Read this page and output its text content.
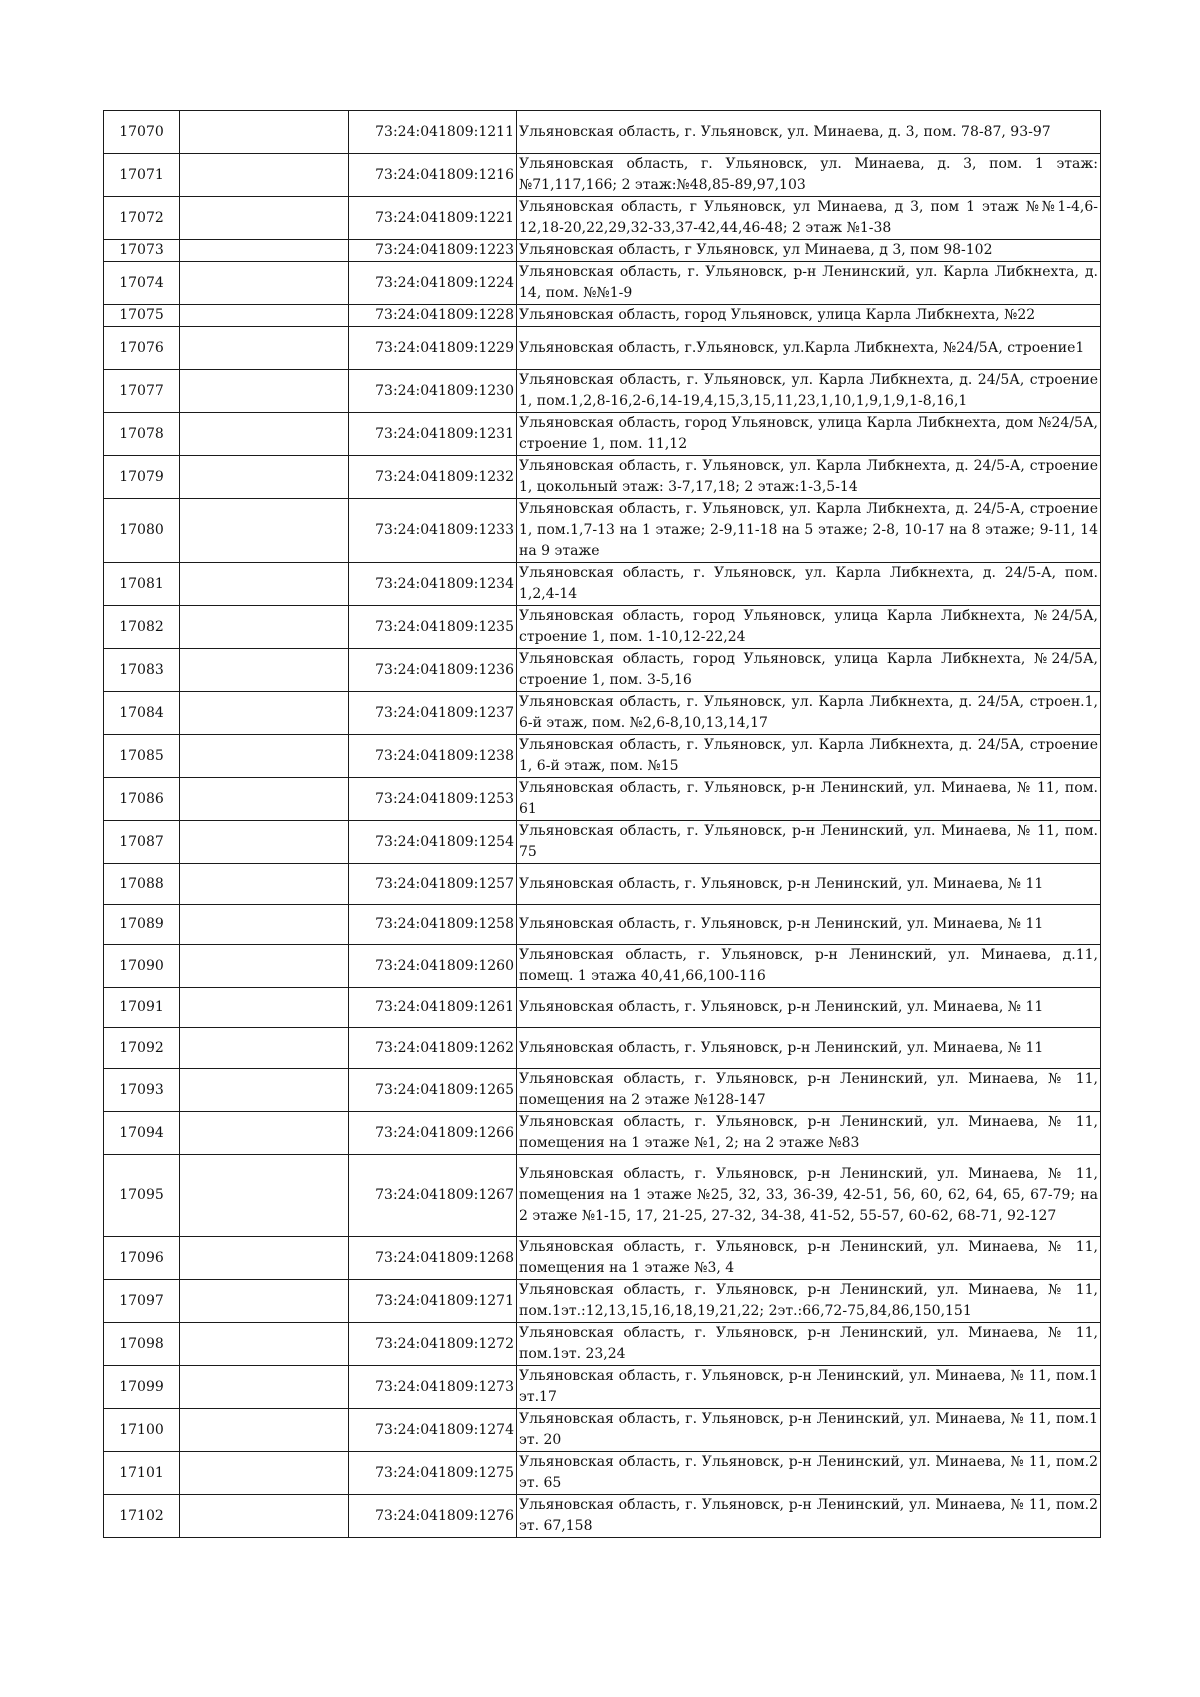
17070		73:24:041809:1211	Ульяновская область, г. Ульяновск, ул. Минаева, д. 3, пом. 78-87, 93-97
17071		73:24:041809:1216	Ульяновская область, г. Ульяновск, ул. Минаева, д. 3, пом. 1 этаж:№71,117,166; 2 этаж:№48,85-89,97,103
17072		73:24:041809:1221	Ульяновская область, г Ульяновск, ул Минаева, д 3, пом 1 этаж №№1-4,6-12,18-20,22,29,32-33,37-42,44,46-48; 2 этаж №1-38
17073		73:24:041809:1223	Ульяновская область, г Ульяновск, ул Минаева, д 3, пом 98-102
17074		73:24:041809:1224	Ульяновская область, г. Ульяновск, р-н Ленинский, ул. Карла Либкнехта, д. 14, пом. №№1-9
17075		73:24:041809:1228	Ульяновская область, город Ульяновск, улица Карла Либкнехта, №22
17076		73:24:041809:1229	Ульяновская область, г.Ульяновск, ул.Карла Либкнехта, №24/5А, строение1
17077		73:24:041809:1230	Ульяновская область, г. Ульяновск, ул. Карла Либкнехта, д. 24/5А, строение 1, пом.1,2,8-16,2-6,14-19,4,15,3,15,11,23,1,10,1,9,1,9,1-8,16,1
17078		73:24:041809:1231	Ульяновская область, город Ульяновск, улица Карла Либкнехта, дом №24/5А, строение 1, пом. 11,12
17079		73:24:041809:1232	Ульяновская область, г. Ульяновск, ул. Карла Либкнехта, д. 24/5-А, строение 1, цокольный этаж: 3-7,17,18; 2 этаж:1-3,5-14
17080		73:24:041809:1233	Ульяновская область, г. Ульяновск, ул. Карла Либкнехта, д. 24/5-А, строение 1, пом.1,7-13 на 1 этаже; 2-9,11-18 на 5 этаже; 2-8, 10-17 на 8 этаже; 9-11, 14 на 9 этаже
17081		73:24:041809:1234	Ульяновская область, г. Ульяновск, ул. Карла Либкнехта, д. 24/5-А, пом. 1,2,4-14
17082		73:24:041809:1235	Ульяновская область, город Ульяновск, улица Карла Либкнехта, №24/5А, строение 1, пом. 1-10,12-22,24
17083		73:24:041809:1236	Ульяновская область, город Ульяновск, улица Карла Либкнехта, №24/5А, строение 1, пом. 3-5,16
17084		73:24:041809:1237	Ульяновская область, г. Ульяновск, ул. Карла Либкнехта, д. 24/5А, строен.1, 6-й этаж, пом. №2,6-8,10,13,14,17
17085		73:24:041809:1238	Ульяновская область, г. Ульяновск, ул. Карла Либкнехта, д. 24/5А, строение 1, 6-й этаж, пом. №15
17086		73:24:041809:1253	Ульяновская область, г. Ульяновск, р-н Ленинский, ул. Минаева, № 11, пом. 61
17087		73:24:041809:1254	Ульяновская область, г. Ульяновск, р-н Ленинский, ул. Минаева, № 11, пом. 75
17088		73:24:041809:1257	Ульяновская область, г. Ульяновск, р-н Ленинский, ул. Минаева, № 11
17089		73:24:041809:1258	Ульяновская область, г. Ульяновск, р-н Ленинский, ул. Минаева, № 11
17090		73:24:041809:1260	Ульяновская область, г. Ульяновск, р-н Ленинский, ул. Минаева, д.11, помещ. 1 этажа 40,41,66,100-116
17091		73:24:041809:1261	Ульяновская область, г. Ульяновск, р-н Ленинский, ул. Минаева, № 11
17092		73:24:041809:1262	Ульяновская область, г. Ульяновск, р-н Ленинский, ул. Минаева, № 11
17093		73:24:041809:1265	Ульяновская область, г. Ульяновск, р-н Ленинский, ул. Минаева, № 11, помещения на 2 этаже №128-147
17094		73:24:041809:1266	Ульяновская область, г. Ульяновск, р-н Ленинский, ул. Минаева, № 11, помещения на 1 этаже №1, 2; на 2 этаже №83
17095		73:24:041809:1267	Ульяновская область, г. Ульяновск, р-н Ленинский, ул. Минаева, № 11, помещения на 1 этаже №25, 32, 33, 36-39, 42-51, 56, 60, 62, 64, 65, 67-79; на 2 этаже №1-15, 17, 21-25, 27-32, 34-38, 41-52, 55-57, 60-62, 68-71, 92-127
17096		73:24:041809:1268	Ульяновская область, г. Ульяновск, р-н Ленинский, ул. Минаева, № 11, помещения на 1 этаже №3, 4
17097		73:24:041809:1271	Ульяновская область, г. Ульяновск, р-н Ленинский, ул. Минаева, № 11, пом.1эт.:12,13,15,16,18,19,21,22; 2эт.:66,72-75,84,86,150,151
17098		73:24:041809:1272	Ульяновская область, г. Ульяновск, р-н Ленинский, ул. Минаева, № 11, пом.1эт. 23,24
17099		73:24:041809:1273	Ульяновская область, г. Ульяновск, р-н Ленинский, ул. Минаева, № 11, пом.1 эт.17
17100		73:24:041809:1274	Ульяновская область, г. Ульяновск, р-н Ленинский, ул. Минаева, № 11, пом.1 эт. 20
17101		73:24:041809:1275	Ульяновская область, г. Ульяновск, р-н Ленинский, ул. Минаева, № 11, пом.2 эт. 65
17102		73:24:041809:1276	Ульяновская область, г. Ульяновск, р-н Ленинский, ул. Минаева, № 11, пом.2 эт. 67,158
